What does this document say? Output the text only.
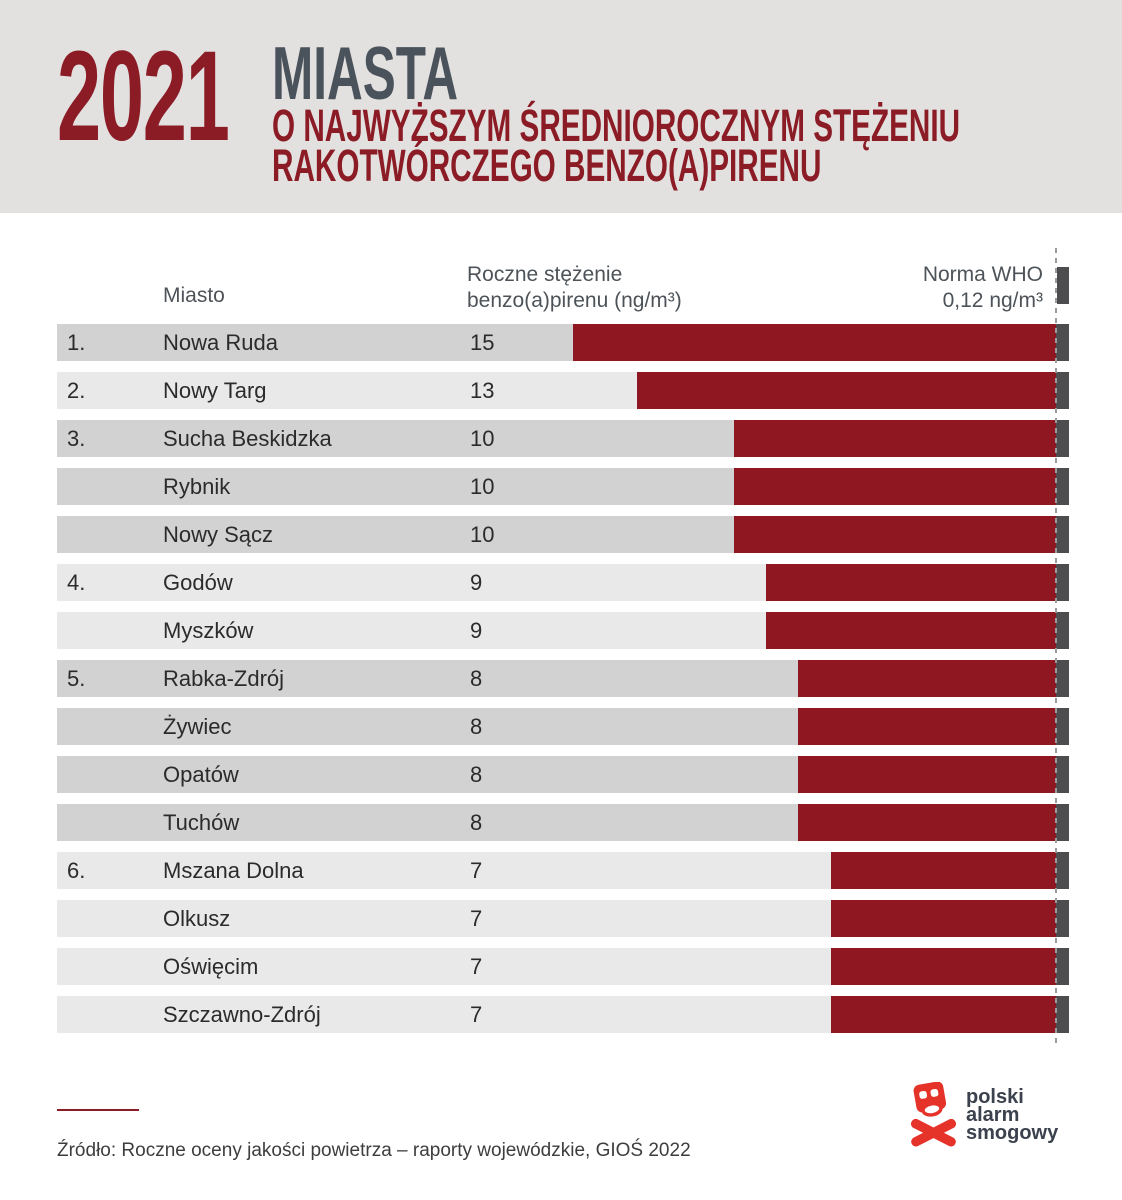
2021 MIASTA
O NAJWYŻSZYM ŚREDNIOROCZNYM STĘŻENIU
RAKOTWÓRCZEGO BENZO(A)PIRENU
Miasto
Roczne stężenie
benzo(a)pirenu (ng/m³)
Norma WHO
0,12 ng/m³
1.	Nowa Ruda	15
2.	Nowy Targ	13
3.	Sucha Beskidzka	10
Rybnik	10
Nowy Sącz	10
4.	Godów	9
Myszków	9
5.	Rabka-Zdrój	8
Żywiec	8
Opatów	8
Tuchów	8
6.	Mszana Dolna	7
Olkusz	7
Oświęcim	7
Szczawno-Zdrój	7
Źródło: Roczne oceny jakości powietrza – raporty wojewódzkie, GIOŚ 2022
polski
alarm
smogowy
